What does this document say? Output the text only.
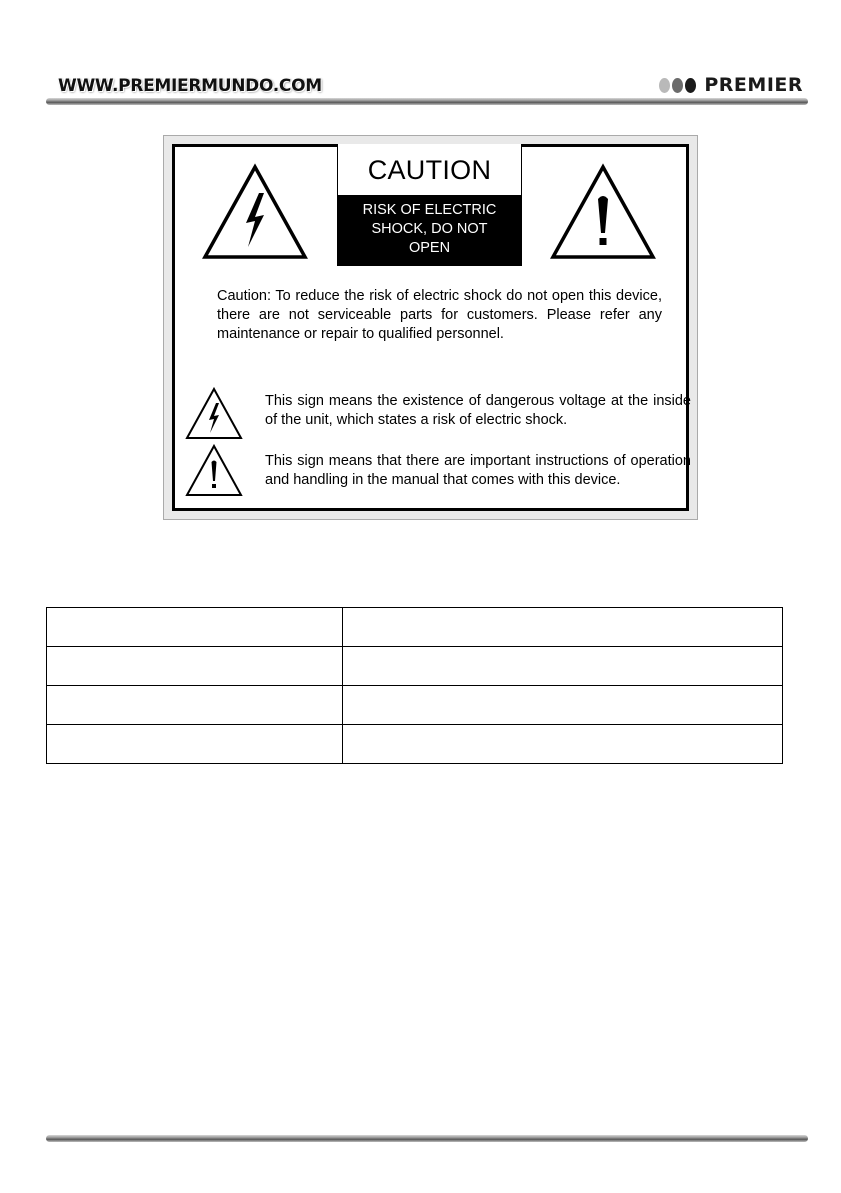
WWW.PREMIERMUNDO.COM	PREMIER
CAUTION
RISK OF ELECTRIC
SHOCK, DO NOT
OPEN

Caution: To reduce the risk of electric shock do not open this device, there are not serviceable parts for customers. Please refer any maintenance or repair to qualified personnel.

This sign means the existence of dangerous voltage at the inside of the unit, which states a risk of electric shock.

This sign means that there are important instructions of operation and handling in the manual that comes with this device.
